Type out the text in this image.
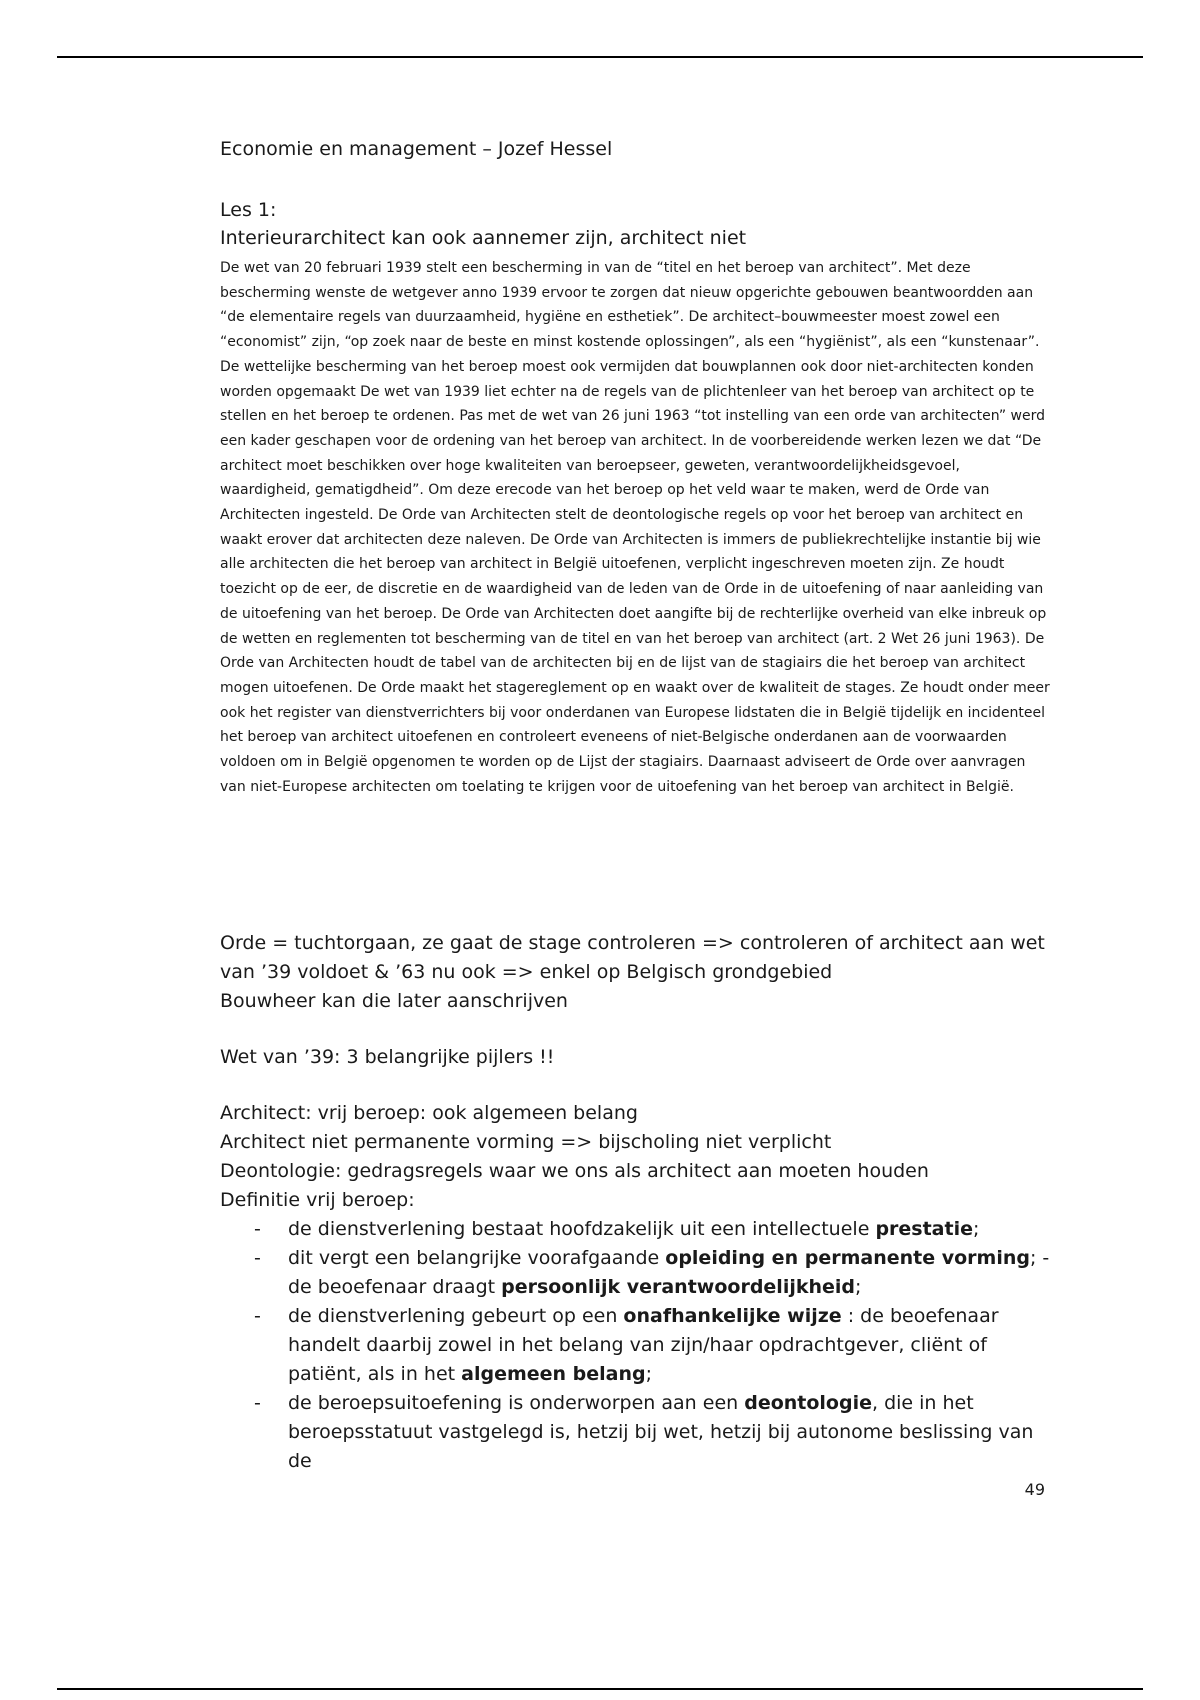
Economie en management – Jozef Hessel
Les 1:
Interieurarchitect kan ook aannemer zijn, architect niet
De wet van 20 februari 1939 stelt een bescherming in van de “titel en het beroep van architect”. Met deze bescherming wenste de wetgever anno 1939 ervoor te zorgen dat nieuw opgerichte gebouwen beantwoordden aan “de elementaire regels van duurzaamheid, hygiëne en esthetiek”. De architect–bouwmeester moest zowel een “economist” zijn, “op zoek naar de beste en minst kostende oplossingen”, als een “hygiënist”, als een “kunstenaar”. De wettelijke bescherming van het beroep moest ook vermijden dat bouwplannen ook door niet-architecten konden worden opgemaakt De wet van 1939 liet echter na de regels van de plichtenleer van het beroep van architect op te stellen en het beroep te ordenen. Pas met de wet van 26 juni 1963 “tot instelling van een orde van architecten” werd een kader geschapen voor de ordening van het beroep van architect. In de voorbereidende werken lezen we dat “De architect moet beschikken over hoge kwaliteiten van beroepseer, geweten, verantwoordelijkheidsgevoel, waardigheid, gematigdheid”. Om deze erecode van het beroep op het veld waar te maken, werd de Orde van Architecten ingesteld. De Orde van Architecten stelt de deontologische regels op voor het beroep van architect en waakt erover dat architecten deze naleven. De Orde van Architecten is immers de publiekrechtelijke instantie bij wie alle architecten die het beroep van architect in België uitoefenen, verplicht ingeschreven moeten zijn. Ze houdt toezicht op de eer, de discretie en de waardigheid van de leden van de Orde in de uitoefening of naar aanleiding van de uitoefening van het beroep. De Orde van Architecten doet aangifte bij de rechterlijke overheid van elke inbreuk op de wetten en reglementen tot bescherming van de titel en van het beroep van architect (art. 2 Wet 26 juni 1963). De Orde van Architecten houdt de tabel van de architecten bij en de lijst van de stagiairs die het beroep van architect mogen uitoefenen. De Orde maakt het stagereglement op en waakt over de kwaliteit de stages. Ze houdt onder meer ook het register van dienstverrichters bij voor onderdanen van Europese lidstaten die in België tijdelijk en incidenteel het beroep van architect uitoefenen en controleert eveneens of niet-Belgische onderdanen aan de voorwaarden voldoen om in België opgenomen te worden op de Lijst der stagiairs. Daarnaast adviseert de Orde over aanvragen van niet-Europese architecten om toelating te krijgen voor de uitoefening van het beroep van architect in België.

Orde = tuchtorgaan, ze gaat de stage controleren => controleren of architect aan wet van ’39 voldoet & ’63 nu ook => enkel op Belgisch grondgebied

Bouwheer kan die later aanschrijven

Wet van ’39: 3 belangrijke pijlers !!

Architect: vrij beroep: ook algemeen belang

Architect niet permanente vorming => bijscholing niet verplicht

Deontologie: gedragsregels waar we ons als architect aan moeten houden

Definitie vrij beroep:

- de dienstverlening bestaat hoofdzakelijk uit een intellectuele prestatie;
- dit vergt een belangrijke voorafgaande opleiding en permanente vorming; - de beoefenaar draagt persoonlijk verantwoordelijkheid;
- de dienstverlening gebeurt op een onafhankelijke wijze : de beoefenaar handelt daarbij zowel in het belang van zijn/haar opdrachtgever, cliënt of patiënt, als in het algemeen belang;
- de beroepsuitoefening is onderworpen aan een deontologie, die in het beroepsstatuut vastgelegd is, hetzij bij wet, hetzij bij autonome beslissing van de
49
